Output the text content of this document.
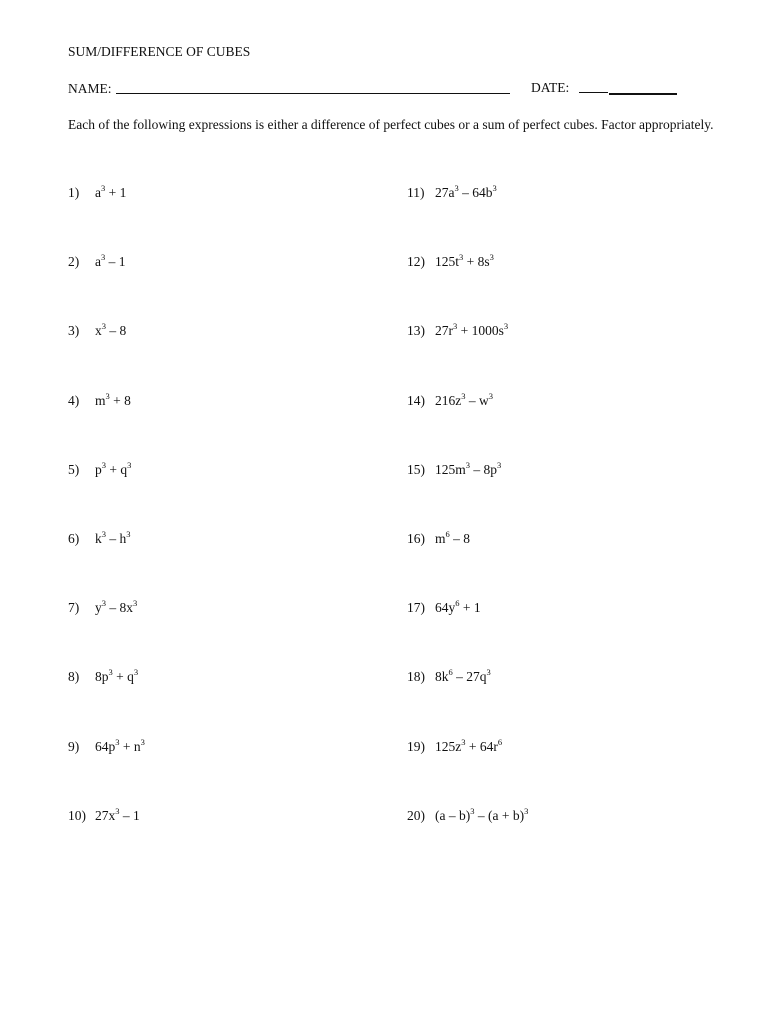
SUM/DIFFERENCE OF CUBES
NAME:	DATE:
Each of the following expressions is either a difference of perfect cubes or a sum of perfect cubes. Factor appropriately.
1) $a^3 + 1$
2) $a^3 - 1$
3) $x^3 - 8$
4) $m^3 + 8$
5) $p^3 + q^3$
6) $k^3 - h^3$
7) $y^3 - 8x^3$
8) $8p^3 + q^3$
9) $64p^3 + n^3$
10) $27x^3 - 1$
11) $27a^3 - 64b^3$
12) $125t^3 + 8s^3$
13) $27r^3 + 1000s^3$
14) $216z^3 - w^3$
15) $125m^3 - 8p^3$
16) $m^6 - 8$
17) $64y^6 + 1$
18) $8k^6 - 27q^3$
19) $125z^3 + 64r^6$
20) $(a - b)^3 - (a + b)^3$
